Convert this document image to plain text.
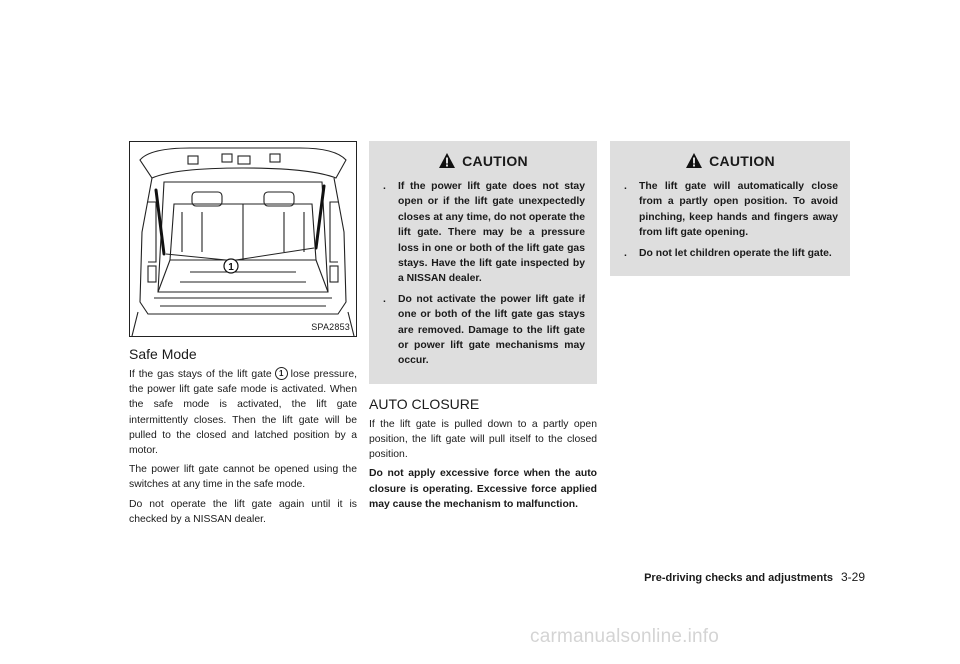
1
SPA2853
Safe Mode

If the gas stays of the lift gate 1 lose pressure, the power lift gate safe mode is activated. When the safe mode is activated, the lift gate intermittently closes. Then the lift gate will be pulled to the closed and latched position by a motor.

The power lift gate cannot be opened using the switches at any time in the safe mode.

Do not operate the lift gate again until it is checked by a NISSAN dealer.

CAUTION
.	If the power lift gate does not stay open or if the lift gate unexpectedly closes at any time, do not operate the lift gate. There may be a pressure loss in one or both of the lift gate gas stays. Have the lift gate inspected by a NISSAN dealer.
.	Do not activate the power lift gate if one or both of the lift gate gas stays are removed. Damage to the lift gate or power lift gate mechanisms may occur.
AUTO CLOSURE

If the lift gate is pulled down to a partly open position, the lift gate will pull itself to the closed position.

Do not apply excessive force when the auto closure is operating. Excessive force applied may cause the mechanism to malfunction.

CAUTION
.	The lift gate will automatically close from a partly open position. To avoid pinching, keep hands and fingers away from lift gate opening.
.	Do not let children operate the lift gate.
Pre-driving checks and adjustments 3-29
carmanualsonline.info
